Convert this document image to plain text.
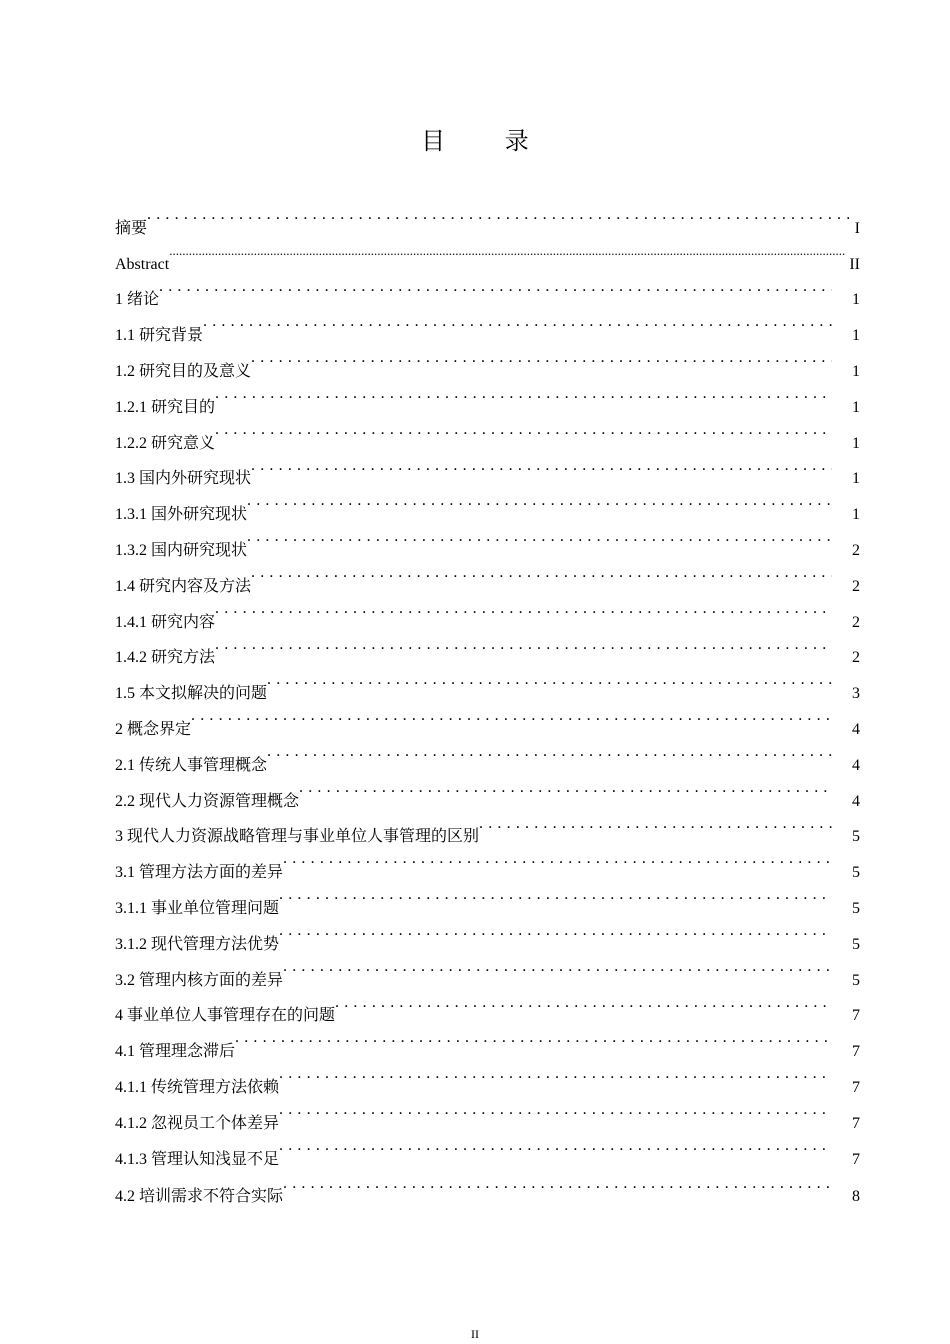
目 录
摘要 . . .	I
Abstract .....	II
1 绪论 . . .	1
1.1 研究背景 . . .	1
1.2 研究目的及意义 . . .	1
1.2.1 研究目的 . . .	1
1.2.2 研究意义 . . .	1
1.3 国内外研究现状 . . .	1
1.3.1 国外研究现状 . . .	1
1.3.2 国内研究现状 . . .	2
1.4 研究内容及方法 . . .	2
1.4.1 研究内容 . . .	2
1.4.2 研究方法 . . .	2
1.5 本文拟解决的问题 . . .	3
2 概念界定 . . .	4
2.1 传统人事管理概念 . . .	4
2.2 现代人力资源管理概念 . . .	4
3 现代人力资源战略管理与事业单位人事管理的区别 . . .	5
3.1 管理方法方面的差异 . . .	5
3.1.1 事业单位管理问题 . . .	5
3.1.2 现代管理方法优势 . . .	5
3.2 管理内核方面的差异 . . .	5
4 事业单位人事管理存在的问题 . . .	7
4.1 管理理念滞后 . . .	7
4.1.1 传统管理方法依赖 . . .	7
4.1.2 忽视员工个体差异 . . .	7
4.1.3 管理认知浅显不足 . . .	7
4.2 培训需求不符合实际 . . .	8
II
